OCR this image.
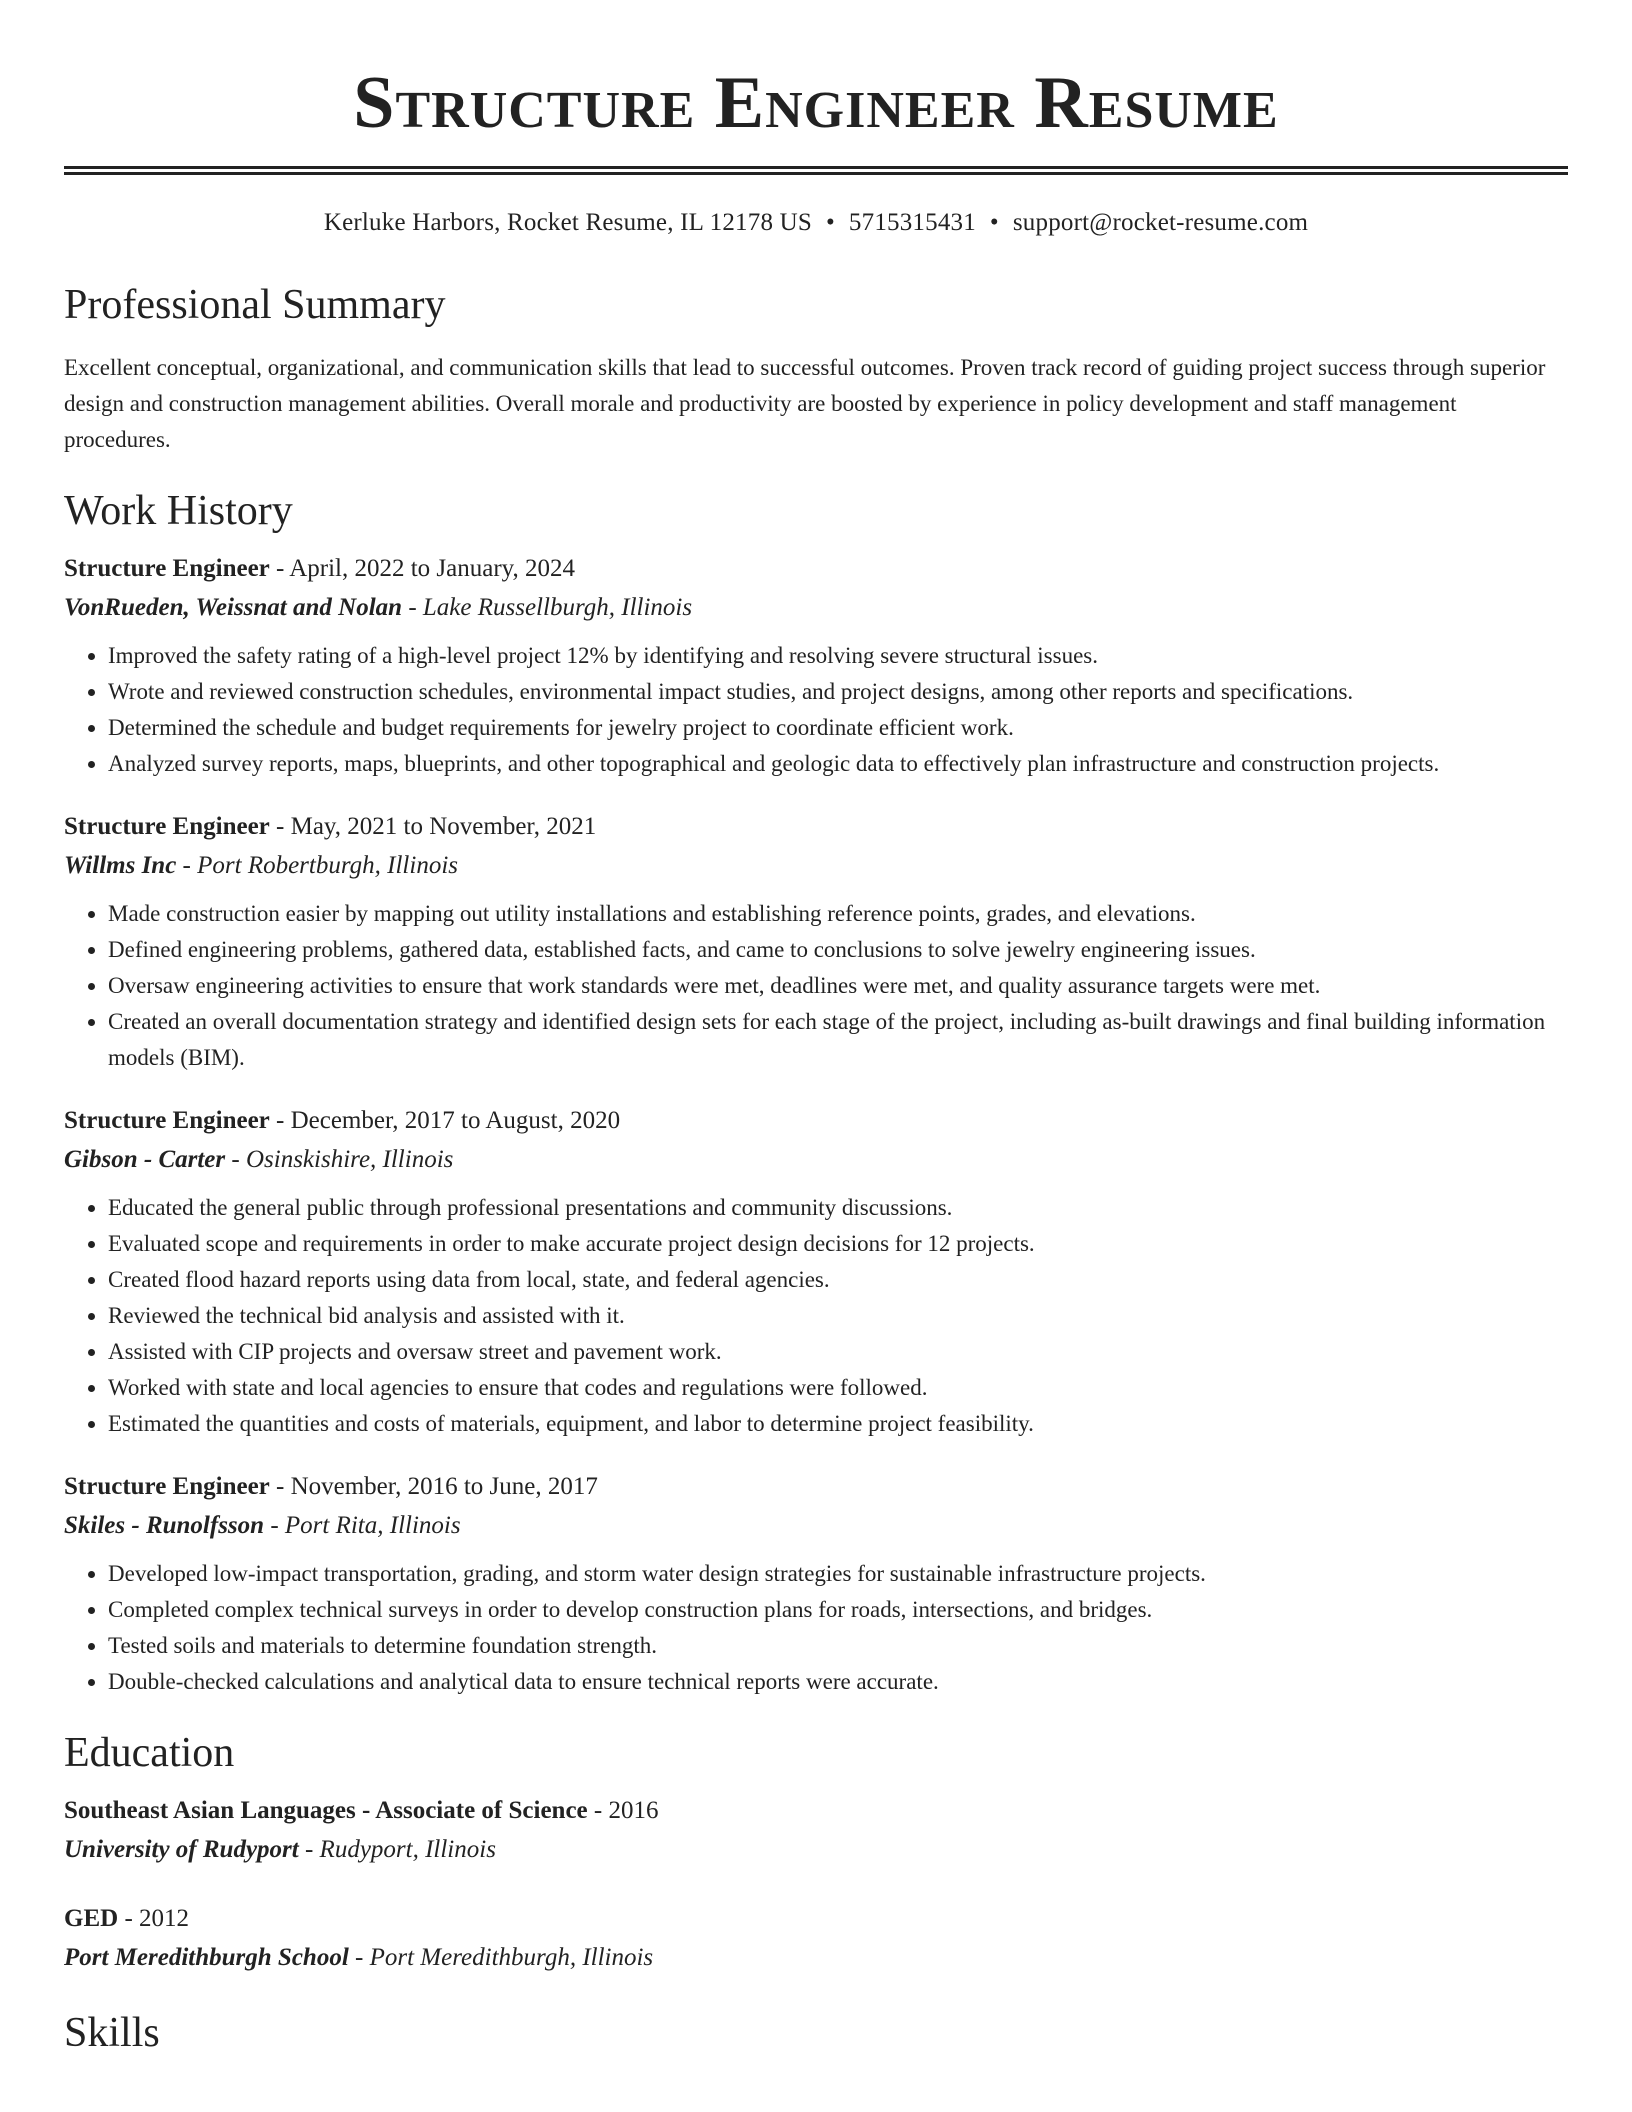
Structure Engineer Resume
Kerluke Harbors, Rocket Resume, IL 12178 US • 5715315431 • support@rocket-resume.com
Professional Summary

Excellent conceptual, organizational, and communication skills that lead to successful outcomes. Proven track record of guiding project success through superior design and construction management abilities. Overall morale and productivity are boosted by experience in policy development and staff management procedures.

Work History
Structure Engineer - April, 2022 to January, 2024
VonRueden, Weissnat and Nolan - Lake Russellburgh, Illinois
• Improved the safety rating of a high-level project 12% by identifying and resolving severe structural issues.
• Wrote and reviewed construction schedules, environmental impact studies, and project designs, among other reports and specifications.
• Determined the schedule and budget requirements for jewelry project to coordinate efficient work.
• Analyzed survey reports, maps, blueprints, and other topographical and geologic data to effectively plan infrastructure and construction projects.
Structure Engineer - May, 2021 to November, 2021
Willms Inc - Port Robertburgh, Illinois
• Made construction easier by mapping out utility installations and establishing reference points, grades, and elevations.
• Defined engineering problems, gathered data, established facts, and came to conclusions to solve jewelry engineering issues.
• Oversaw engineering activities to ensure that work standards were met, deadlines were met, and quality assurance targets were met.
• Created an overall documentation strategy and identified design sets for each stage of the project, including as-built drawings and final building information models (BIM).
Structure Engineer - December, 2017 to August, 2020
Gibson - Carter - Osinskishire, Illinois
• Educated the general public through professional presentations and community discussions.
• Evaluated scope and requirements in order to make accurate project design decisions for 12 projects.
• Created flood hazard reports using data from local, state, and federal agencies.
• Reviewed the technical bid analysis and assisted with it.
• Assisted with CIP projects and oversaw street and pavement work.
• Worked with state and local agencies to ensure that codes and regulations were followed.
• Estimated the quantities and costs of materials, equipment, and labor to determine project feasibility.
Structure Engineer - November, 2016 to June, 2017
Skiles - Runolfsson - Port Rita, Illinois
• Developed low-impact transportation, grading, and storm water design strategies for sustainable infrastructure projects.
• Completed complex technical surveys in order to develop construction plans for roads, intersections, and bridges.
• Tested soils and materials to determine foundation strength.
• Double-checked calculations and analytical data to ensure technical reports were accurate.
Education
Southeast Asian Languages - Associate of Science - 2016
University of Rudyport - Rudyport, Illinois
GED - 2012
Port Meredithburgh School - Port Meredithburgh, Illinois
Skills
